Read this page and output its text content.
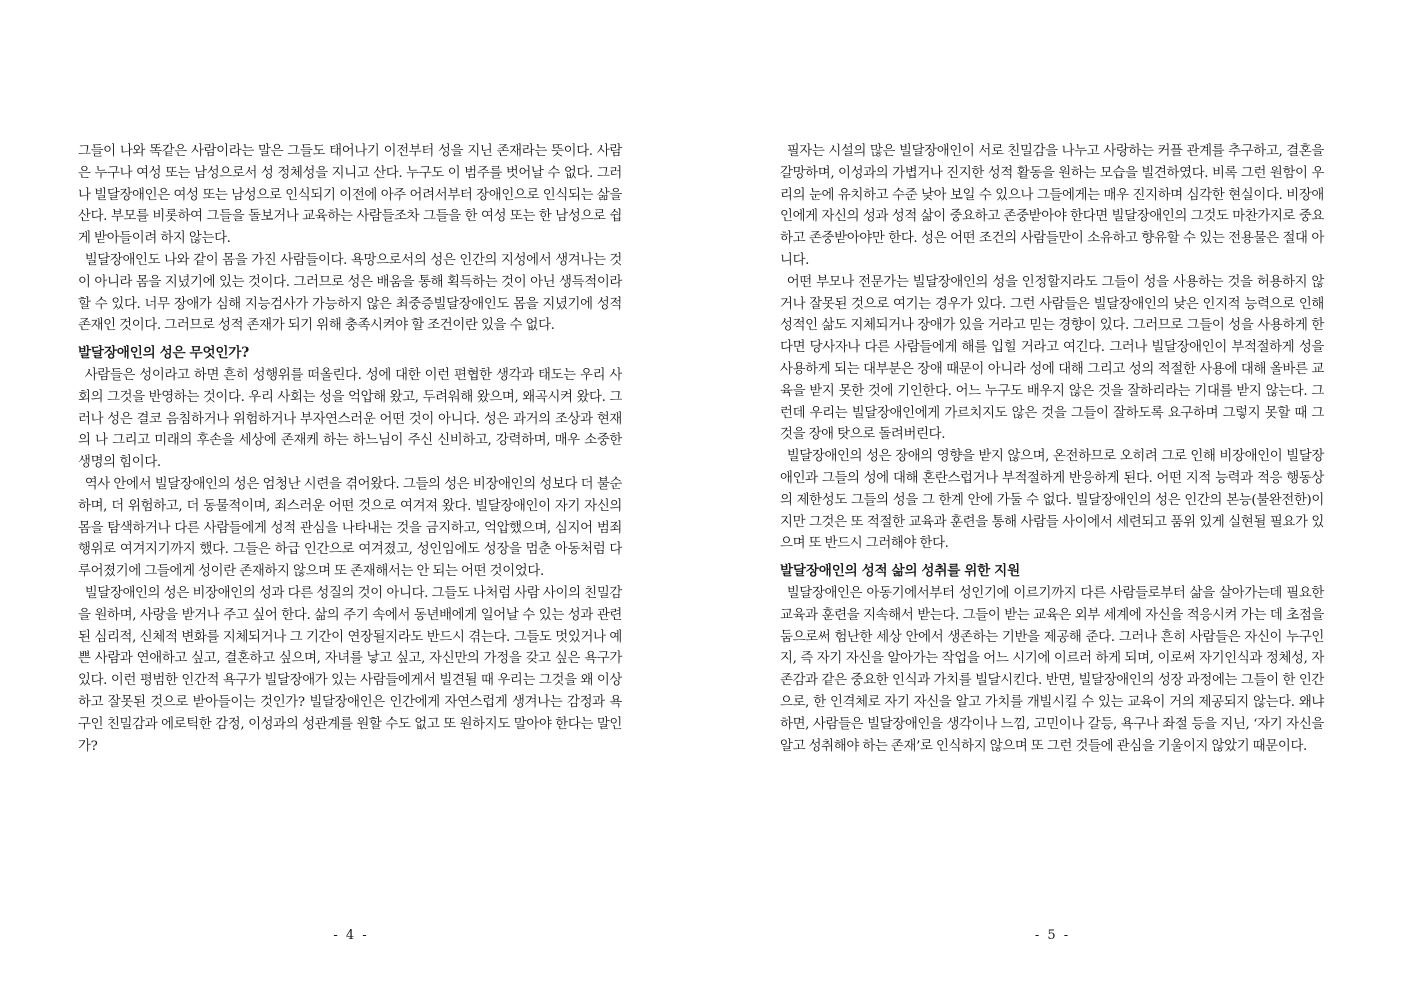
그들이 나와 똑같은 사람이라는 말은 그들도 태어나기 이전부터 성을 지닌 존재라는 뜻이다. 사람은 누구나 여성 또는 남성으로서 성 정체성을 지니고 산다. 누구도 이 범주를 벗어날 수 없다. 그러나 빌달장애인은 여성 또는 남성으로 인식되기 이전에 아주 어려서부터 장애인으로 인식되는 삶을 산다. 부모를 비롯하여 그들을 돌보거나 교육하는 사람들조차 그들을 한 여성 또는 한 남성으로 쉽게 받아들이려 하지 않는다.

빌달장애인도 나와 같이 몸을 가진 사람들이다. 욕망으로서의 성은 인간의 지성에서 생겨나는 것이 아니라 몸을 지녔기에 있는 것이다. 그러므로 성은 배움을 통해 획득하는 것이 아닌 생득적이라 할 수 있다. 너무 장애가 심해 지능검사가 가능하지 않은 최중증빌달장애인도 몸을 지녔기에 성적 존재인 것이다. 그러므로 성적 존재가 되기 위해 충족시켜야 할 조건이란 있을 수 없다.

발달장애인의 성은 무엇인가?

사람들은 성이라고 하면 흔히 성행위를 떠올린다. 성에 대한 이런 편협한 생각과 태도는 우리 사회의 그것을 반영하는 것이다. 우리 사회는 성을 억압해 왔고, 두려워해 왔으며, 왜곡시켜 왔다. 그러나 성은 결코 음침하거나 위험하거나 부자연스러운 어떤 것이 아니다. 성은 과거의 조상과 현재의 나 그리고 미래의 후손을 세상에 존재케 하는 하느님이 주신 신비하고, 강력하며, 매우 소중한 생명의 힘이다.

역사 안에서 빌달장애인의 성은 엄청난 시련을 겪어왔다. 그들의 성은 비장애인의 성보다 더 불순하며, 더 위험하고, 더 동물적이며, 죄스러운 어떤 것으로 여겨져 왔다. 빌달장애인이 자기 자신의 몸을 탐색하거나 다른 사람들에게 성적 관심을 나타내는 것을 금지하고, 억압했으며, 심지어 범죄 행위로 여겨지기까지 했다. 그들은 하급 인간으로 여겨졌고, 성인임에도 성장을 멈춘 아동처럼 다루어졌기에 그들에게 성이란 존재하지 않으며 또 존재해서는 안 되는 어떤 것이었다.

빌달장애인의 성은 비장애인의 성과 다른 성질의 것이 아니다. 그들도 나처럼 사람 사이의 친밀감을 원하며, 사랑을 받거나 주고 싶어 한다. 삶의 주기 속에서 동년배에게 일어날 수 있는 성과 관련된 심리적, 신체적 변화를 지체되거나 그 기간이 연장될지라도 반드시 겪는다. 그들도 멋있거나 예쁜 사람과 연애하고 싶고, 결혼하고 싶으며, 자녀를 낳고 싶고, 자신만의 가정을 갖고 싶은 욕구가 있다. 이런 평범한 인간적 욕구가 빌달장애가 있는 사람들에게서 빌견될 때 우리는 그것을 왜 이상하고 잘못된 것으로 받아들이는 것인가? 빌달장애인은 인간에게 자연스럽게 생겨나는 감정과 욕구인 친밀감과 에로틱한 감정, 이성과의 성관계를 원할 수도 없고 또 원하지도 말아야 한다는 말인가?

- 4 -

필자는 시설의 많은 빌달장애인이 서로 친밀감을 나누고 사랑하는 커플 관계를 추구하고, 결혼을 갈망하며, 이성과의 가볍거나 진지한 성적 활동을 원하는 모습을 빌견하였다. 비록 그런 원함이 우리의 눈에 유치하고 수준 낮아 보일 수 있으나 그들에게는 매우 진지하며 심각한 현실이다. 비장애인에게 자신의 성과 성적 삶이 중요하고 존중받아야 한다면 빌달장애인의 그것도 마찬가지로 중요하고 존중받아야만 한다. 성은 어떤 조건의 사람들만이 소유하고 향유할 수 있는 전용물은 절대 아니다.

어떤 부모나 전문가는 빌달장애인의 성을 인정할지라도 그들이 성을 사용하는 것을 허용하지 않거나 잘못된 것으로 여기는 경우가 있다. 그런 사람들은 빌달장애인의 낮은 인지적 능력으로 인해 성적인 삶도 지체되거나 장애가 있을 거라고 믿는 경향이 있다. 그러므로 그들이 성을 사용하게 한다면 당사자나 다른 사람들에게 해를 입힐 거라고 여긴다. 그러나 빌달장애인이 부적절하게 성을 사용하게 되는 대부분은 장애 때문이 아니라 성에 대해 그리고 성의 적절한 사용에 대해 올바른 교육을 받지 못한 것에 기인한다. 어느 누구도 배우지 않은 것을 잘하리라는 기대를 받지 않는다. 그런데 우리는 빌달장애인에게 가르치지도 않은 것을 그들이 잘하도록 요구하며 그렇지 못할 때 그것을 장애 탓으로 돌려버린다.

빌달장애인의 성은 장애의 영향을 받지 않으며, 온전하므로 오히려 그로 인해 비장애인이 빌달장애인과 그들의 성에 대해 혼란스럽거나 부적절하게 반응하게 된다. 어떤 지적 능력과 적응 행동상의 제한성도 그들의 성을 그 한계 안에 가둘 수 없다. 빌달장애인의 성은 인간의 본능(불완전한)이지만 그것은 또 적절한 교육과 훈련을 통해 사람들 사이에서 세련되고 품위 있게 실현될 필요가 있으며 또 반드시 그러해야 한다.

발달장애인의 성적 삶의 성취를 위한 지원

빌달장애인은 아동기에서부터 성인기에 이르기까지 다른 사람들로부터 삶을 살아가는데 필요한 교육과 훈련을 지속해서 받는다. 그들이 받는 교육은 외부 세계에 자신을 적응시켜 가는 데 초점을 둠으로써 험난한 세상 안에서 생존하는 기반을 제공해 준다. 그러나 흔히 사람들은 자신이 누구인지, 즉 자기 자신을 알아가는 작업을 어느 시기에 이르러 하게 되며, 이로써 자기인식과 정체성, 자존감과 같은 중요한 인식과 가치를 빌달시킨다. 반면, 빌달장애인의 성장 과정에는 그들이 한 인간으로, 한 인격체로 자기 자신을 알고 가치를 개빌시킬 수 있는 교육이 거의 제공되지 않는다. 왜냐하면, 사람들은 빌달장애인을 생각이나 느낌, 고민이나 갈등, 욕구나 좌절 등을 지닌, ‘자기 자신을 알고 성취해야 하는 존재’로 인식하지 않으며 또 그런 것들에 관심을 기울이지 않았기 때문이다.

- 5 -
